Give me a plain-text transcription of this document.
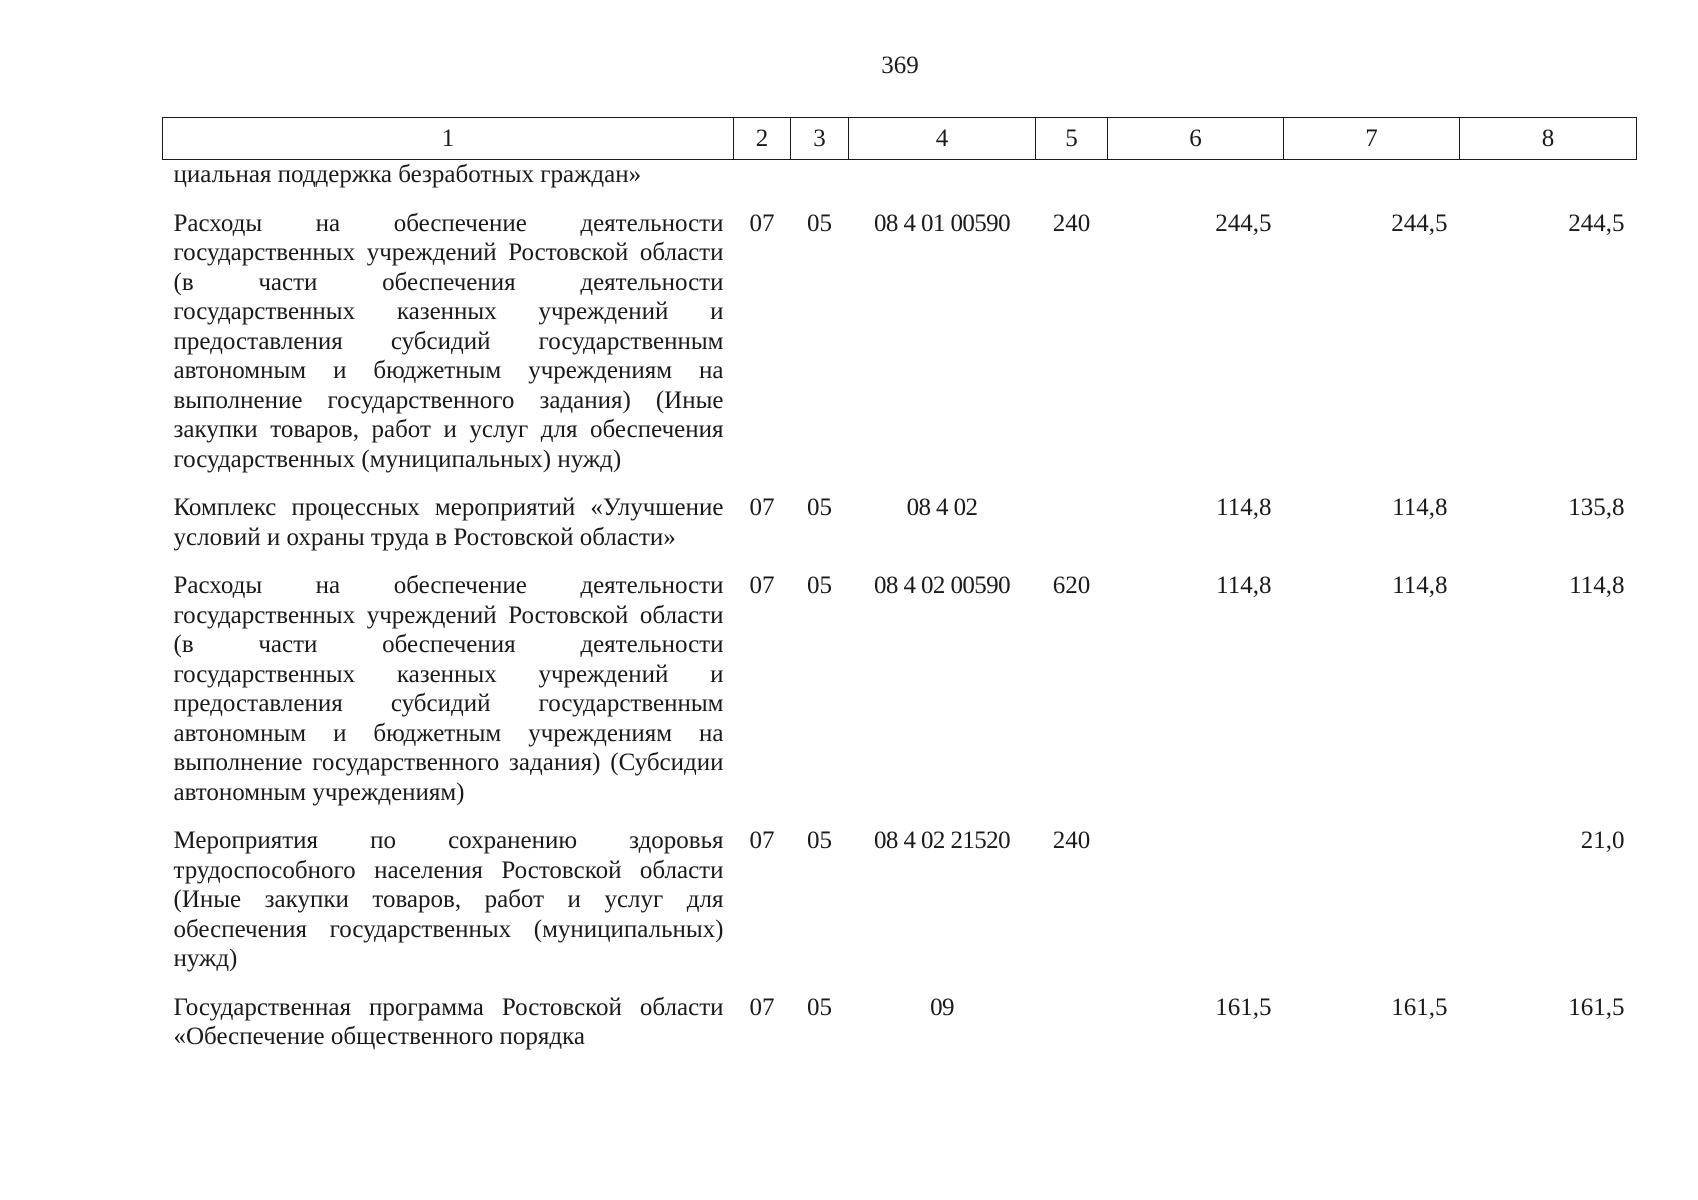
369
1	2	3	4	5	6	7	8
циальная поддержка безработных граждан»							
Расходы на обеспечение деятельности государственных учреждений Ростовской области (в части обеспечения деятельности государственных казенных учреждений и предоставления субсидий государственным автономным и бюджетным учреждениям на выполнение государственного задания) (Иные закупки товаров, работ и услуг для обеспечения государственных (муниципальных) нужд)	07	05	08 4 01 00590	240	244,5	244,5	244,5
Комплекс процессных мероприятий «Улучшение условий и охраны труда в Ростовской области»	07	05	08 4 02		114,8	114,8	135,8
Расходы на обеспечение деятельности государственных учреждений Ростовской области (в части обеспечения деятельности государственных казенных учреждений и предоставления субсидий государственным автономным и бюджетным учреждениям на выполнение государственного задания) (Субсидии автономным учреждениям)	07	05	08 4 02 00590	620	114,8	114,8	114,8
Мероприятия по сохранению здоровья трудоспособного населения Ростовской области (Иные закупки товаров, работ и услуг для обеспечения государственных (муниципальных) нужд)	07	05	08 4 02 21520	240			21,0
Государственная программа Ростовской области «Обеспечение общественного порядка	07	05	09		161,5	161,5	161,5
